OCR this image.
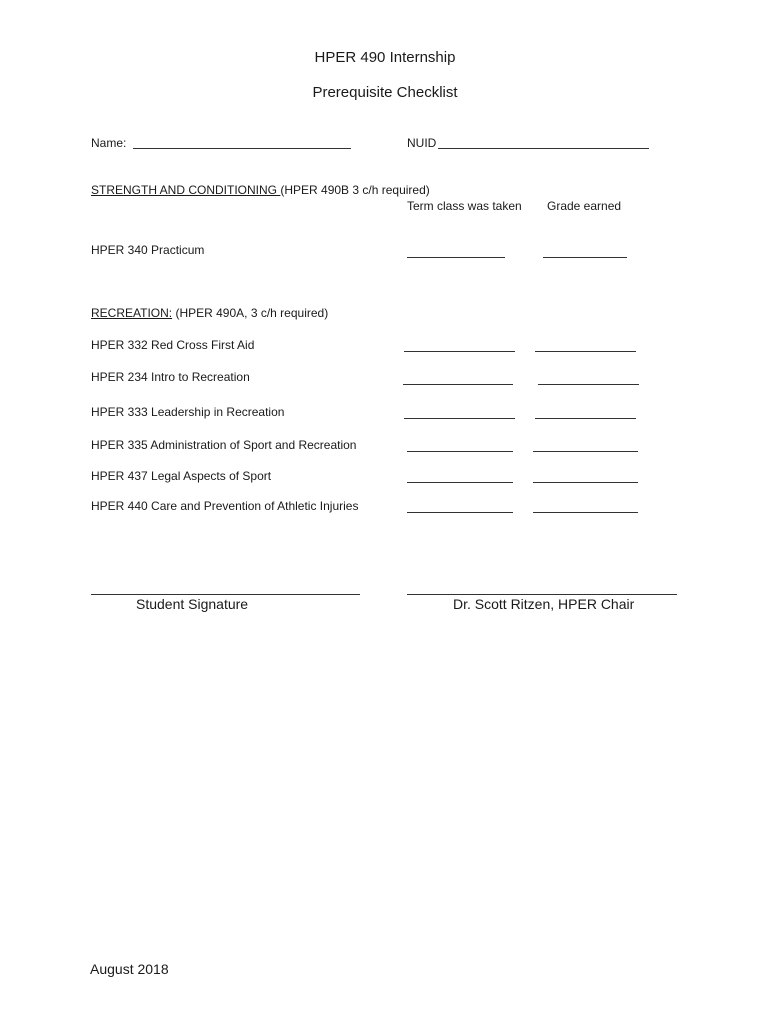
HPER 490 Internship
Prerequisite Checklist
Name:	NUID
STRENGTH AND CONDITIONING (HPER 490B 3 c/h required)
Term class was taken Grade earned
HPER 340 Practicum
RECREATION: (HPER 490A, 3 c/h required)
HPER 332 Red Cross First Aid
HPER 234 Intro to Recreation
HPER 333 Leadership in Recreation
HPER 335 Administration of Sport and Recreation
HPER 437 Legal Aspects of Sport
HPER 440 Care and Prevention of Athletic Injuries
Student Signature	Dr. Scott Ritzen, HPER Chair
August 2018
